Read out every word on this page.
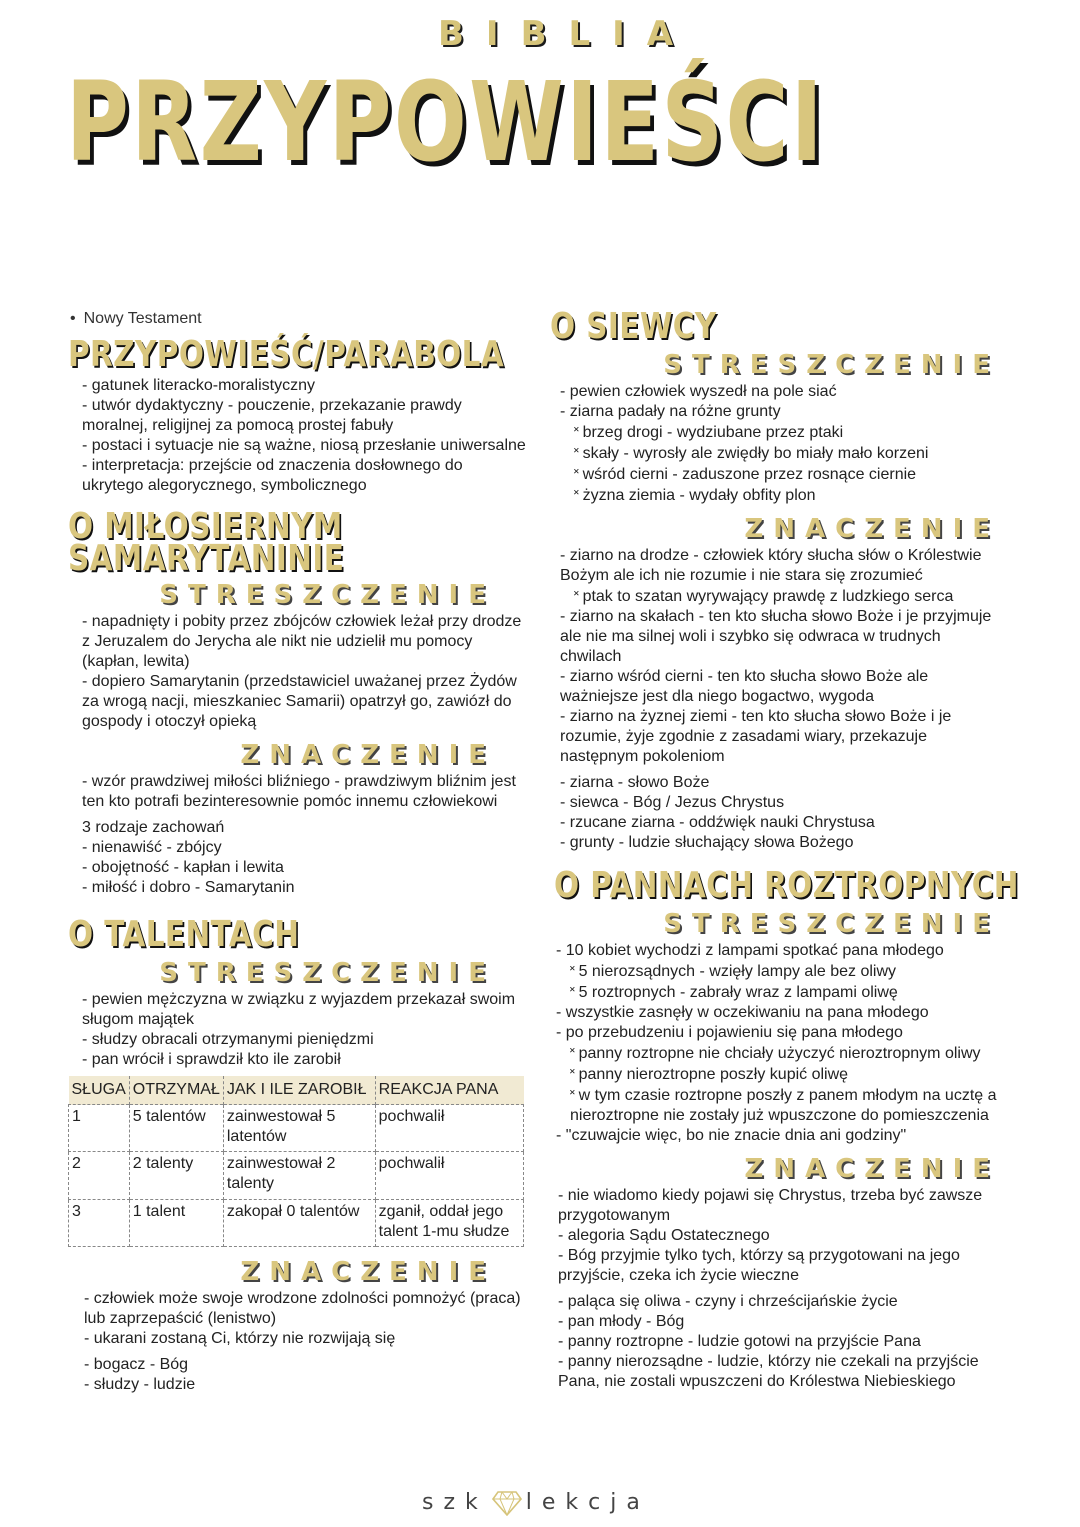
BIBLIA
PRZYPOWIEŚCI
• Nowy Testament
PRZYPOWIEŚĆ/PARABOLA
- gatunek literacko-moralistyczny
- utwór dydaktyczny - pouczenie, przekazanie prawdy moralnej, religijnej za pomocą prostej fabuły
- postaci i sytuacje nie są ważne, niosą przesłanie uniwersalne
- interpretacja: przejście od znaczenia dosłownego do ukrytego alegorycznego, symbolicznego
O MIŁOSIERNYM
SAMARYTANINIE
STRESZCZENIE
- napadnięty i pobity przez zbójców człowiek leżał przy drodze z Jeruzalem do Jerycha ale nikt nie udzielił mu pomocy (kapłan, lewita)
- dopiero Samarytanin (przedstawiciel uważanej przez Żydów za wrogą nacji, mieszkaniec Samarii) opatrzył go, zawiózł do gospody i otoczył opieką
ZNACZENIE
- wzór prawdziwej miłości bliźniego - prawdziwym bliźnim jest ten kto potrafi bezinteresownie pomóc innemu człowiekowi
3 rodzaje zachowań
- nienawiść - zbójcy
- obojętność - kapłan i lewita
- miłość i dobro - Samarytanin
O TALENTACH
STRESZCZENIE
- pewien mężczyzna w związku z wyjazdem przekazał swoim sługom majątek
- słudzy obracali otrzymanymi pieniędzmi
- pan wrócił i sprawdził kto ile zarobił
SŁUGA	OTRZYMAŁ	JAK I ILE ZAROBIŁ	REAKCJA PANA
1	5 talentów	zainwestował 5 latentów	pochwalił
2	2 talenty	zainwestował 2 talenty	pochwalił
3	1 talent	zakopał 0 talentów	zganił, oddał jego talent 1-mu słudze
ZNACZENIE
- człowiek może swoje wrodzone zdolności pomnożyć (praca) lub zaprzepaścić (lenistwo)
- ukarani zostaną Ci, którzy nie rozwijają się
- bogacz - Bóg
- słudzy - ludzie
O SIEWCY
STRESZCZENIE
- pewien człowiek wyszedł na pole siać
- ziarna padały na różne grunty
˟ brzeg drogi - wydziubane przez ptaki
˟ skały - wyrosły ale zwiędły bo miały mało korzeni
˟ wśród cierni - zaduszone przez rosnące ciernie
˟ żyzna ziemia - wydały obfity plon
ZNACZENIE
- ziarno na drodze - człowiek który słucha słów o Królestwie Bożym ale ich nie rozumie i nie stara się zrozumieć
˟ ptak to szatan wyrywający prawdę z ludzkiego serca
- ziarno na skałach - ten kto słucha słowo Boże i je przyjmuje ale nie ma silnej woli i szybko się odwraca w trudnych chwilach
- ziarno wśród cierni - ten kto słucha słowo Boże ale ważniejsze jest dla niego bogactwo, wygoda
- ziarno na żyznej ziemi - ten kto słucha słowo Boże i je rozumie, żyje zgodnie z zasadami wiary, przekazuje następnym pokoleniom
- ziarna - słowo Boże
- siewca - Bóg / Jezus Chrystus
- rzucane ziarna - oddźwięk nauki Chrystusa
- grunty - ludzie słuchający słowa Bożego
O PANNACH ROZTROPNYCH
STRESZCZENIE
- 10 kobiet wychodzi z lampami spotkać pana młodego
˟ 5 nierozsądnych - wzięły lampy ale bez oliwy
˟ 5 roztropnych - zabrały wraz z lampami oliwę
- wszystkie zasnęły w oczekiwaniu na pana młodego
- po przebudzeniu i pojawieniu się pana młodego
˟ panny roztropne nie chciały użyczyć nieroztropnym oliwy
˟ panny nieroztropne poszły kupić oliwę
˟ w tym czasie roztropne poszły z panem młodym na ucztę a nieroztropne nie zostały już wpuszczone do pomieszczenia
- "czuwajcie więc, bo nie znacie dnia ani godziny"
ZNACZENIE
- nie wiadomo kiedy pojawi się Chrystus, trzeba być zawsze przygotowanym
- alegoria Sądu Ostatecznego
- Bóg przyjmie tylko tych, którzy są przygotowani na jego przyjście, czeka ich życie wieczne
- paląca się oliwa - czyny i chrześcijańskie życie
- pan młody - Bóg
- panny roztropne - ludzie gotowi na przyjście Pana
- panny nierozsądne - ludzie, którzy nie czekali na przyjście Pana, nie zostali wpuszczeni do Królestwa Niebieskiego
szk lekcja
